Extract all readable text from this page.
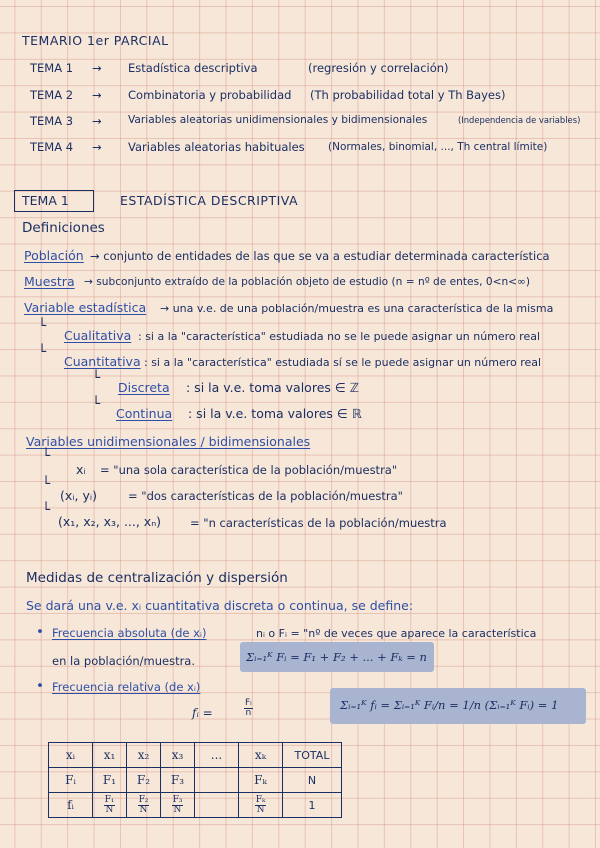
TEMARIO 1er PARCIAL
TEMA 1 → Estadística descriptiva	(regresión y correlación)
TEMA 2 → Combinatoria y probabilidad (Th probabilidad total y Th Bayes)
TEMA 3 → Variables aleatorias unidimensionales y bidimensionales	(Independencia de variables)
TEMA 4 → Variables aleatorias habituales (Normales, binomial, ..., Th central límite)
TEMA 1	ESTADÍSTICA DESCRIPTIVA
Definiciones
Población → conjunto de entidades de las que se va a estudiar determinada característica
Muestra → subconjunto extraído de la población objeto de estudio (n = nº de entes, 0<n<∞)
Variable estadística → una v.e. de una población/muestra es una característica de la misma
└
Cualitativa : si a la "característica" estudiada no se le puede asignar un número real
└
Cuantitativa : si a la "característica" estudiada sí se le puede asignar un número real
└
Discreta : si la v.e. toma valores ∈ ℤ
└
Continua : si la v.e. toma valores ∈ ℝ
Variables unidimensionales / bidimensionales
└
xᵢ = "una sola característica de la población/muestra"
└
(xᵢ, yᵢ)	= "dos características de la población/muestra"
└
(x₁, x₂, x₃, ..., xₙ)	= "n características de la población/muestra
Medidas de centralización y dispersión
Se dará una v.e. xᵢ cuantitativa discreta o continua, se define:
• Frecuencia absoluta (de xᵢ)	nᵢ o Fᵢ = "nº de veces que aparece la característica
en la población/muestra.	Σᵢ₌₁ᴷ Fᵢ = F₁ + F₂ + ... + Fₖ = n
• Frecuencia relativa (de xᵢ)
fᵢ =	$\frac{\text{Fᵢ}}{n}$	Σᵢ₌₁ᴷ fᵢ = Σᵢ₌₁ᴷ Fᵢ/n = 1/n (Σᵢ₌₁ᴷ Fᵢ) = 1
xᵢ	x₁	x₂	x₃	...	xₖ	TOTAL
Fᵢ	F₁	F₂	F₃		Fₖ	N
fᵢ	$\frac{\text{F₁}}{N}$	$\frac{\text{F₂}}{N}$	$\frac{\text{F₃}}{N}$		$\frac{\text{Fₖ}}{N}$	1
